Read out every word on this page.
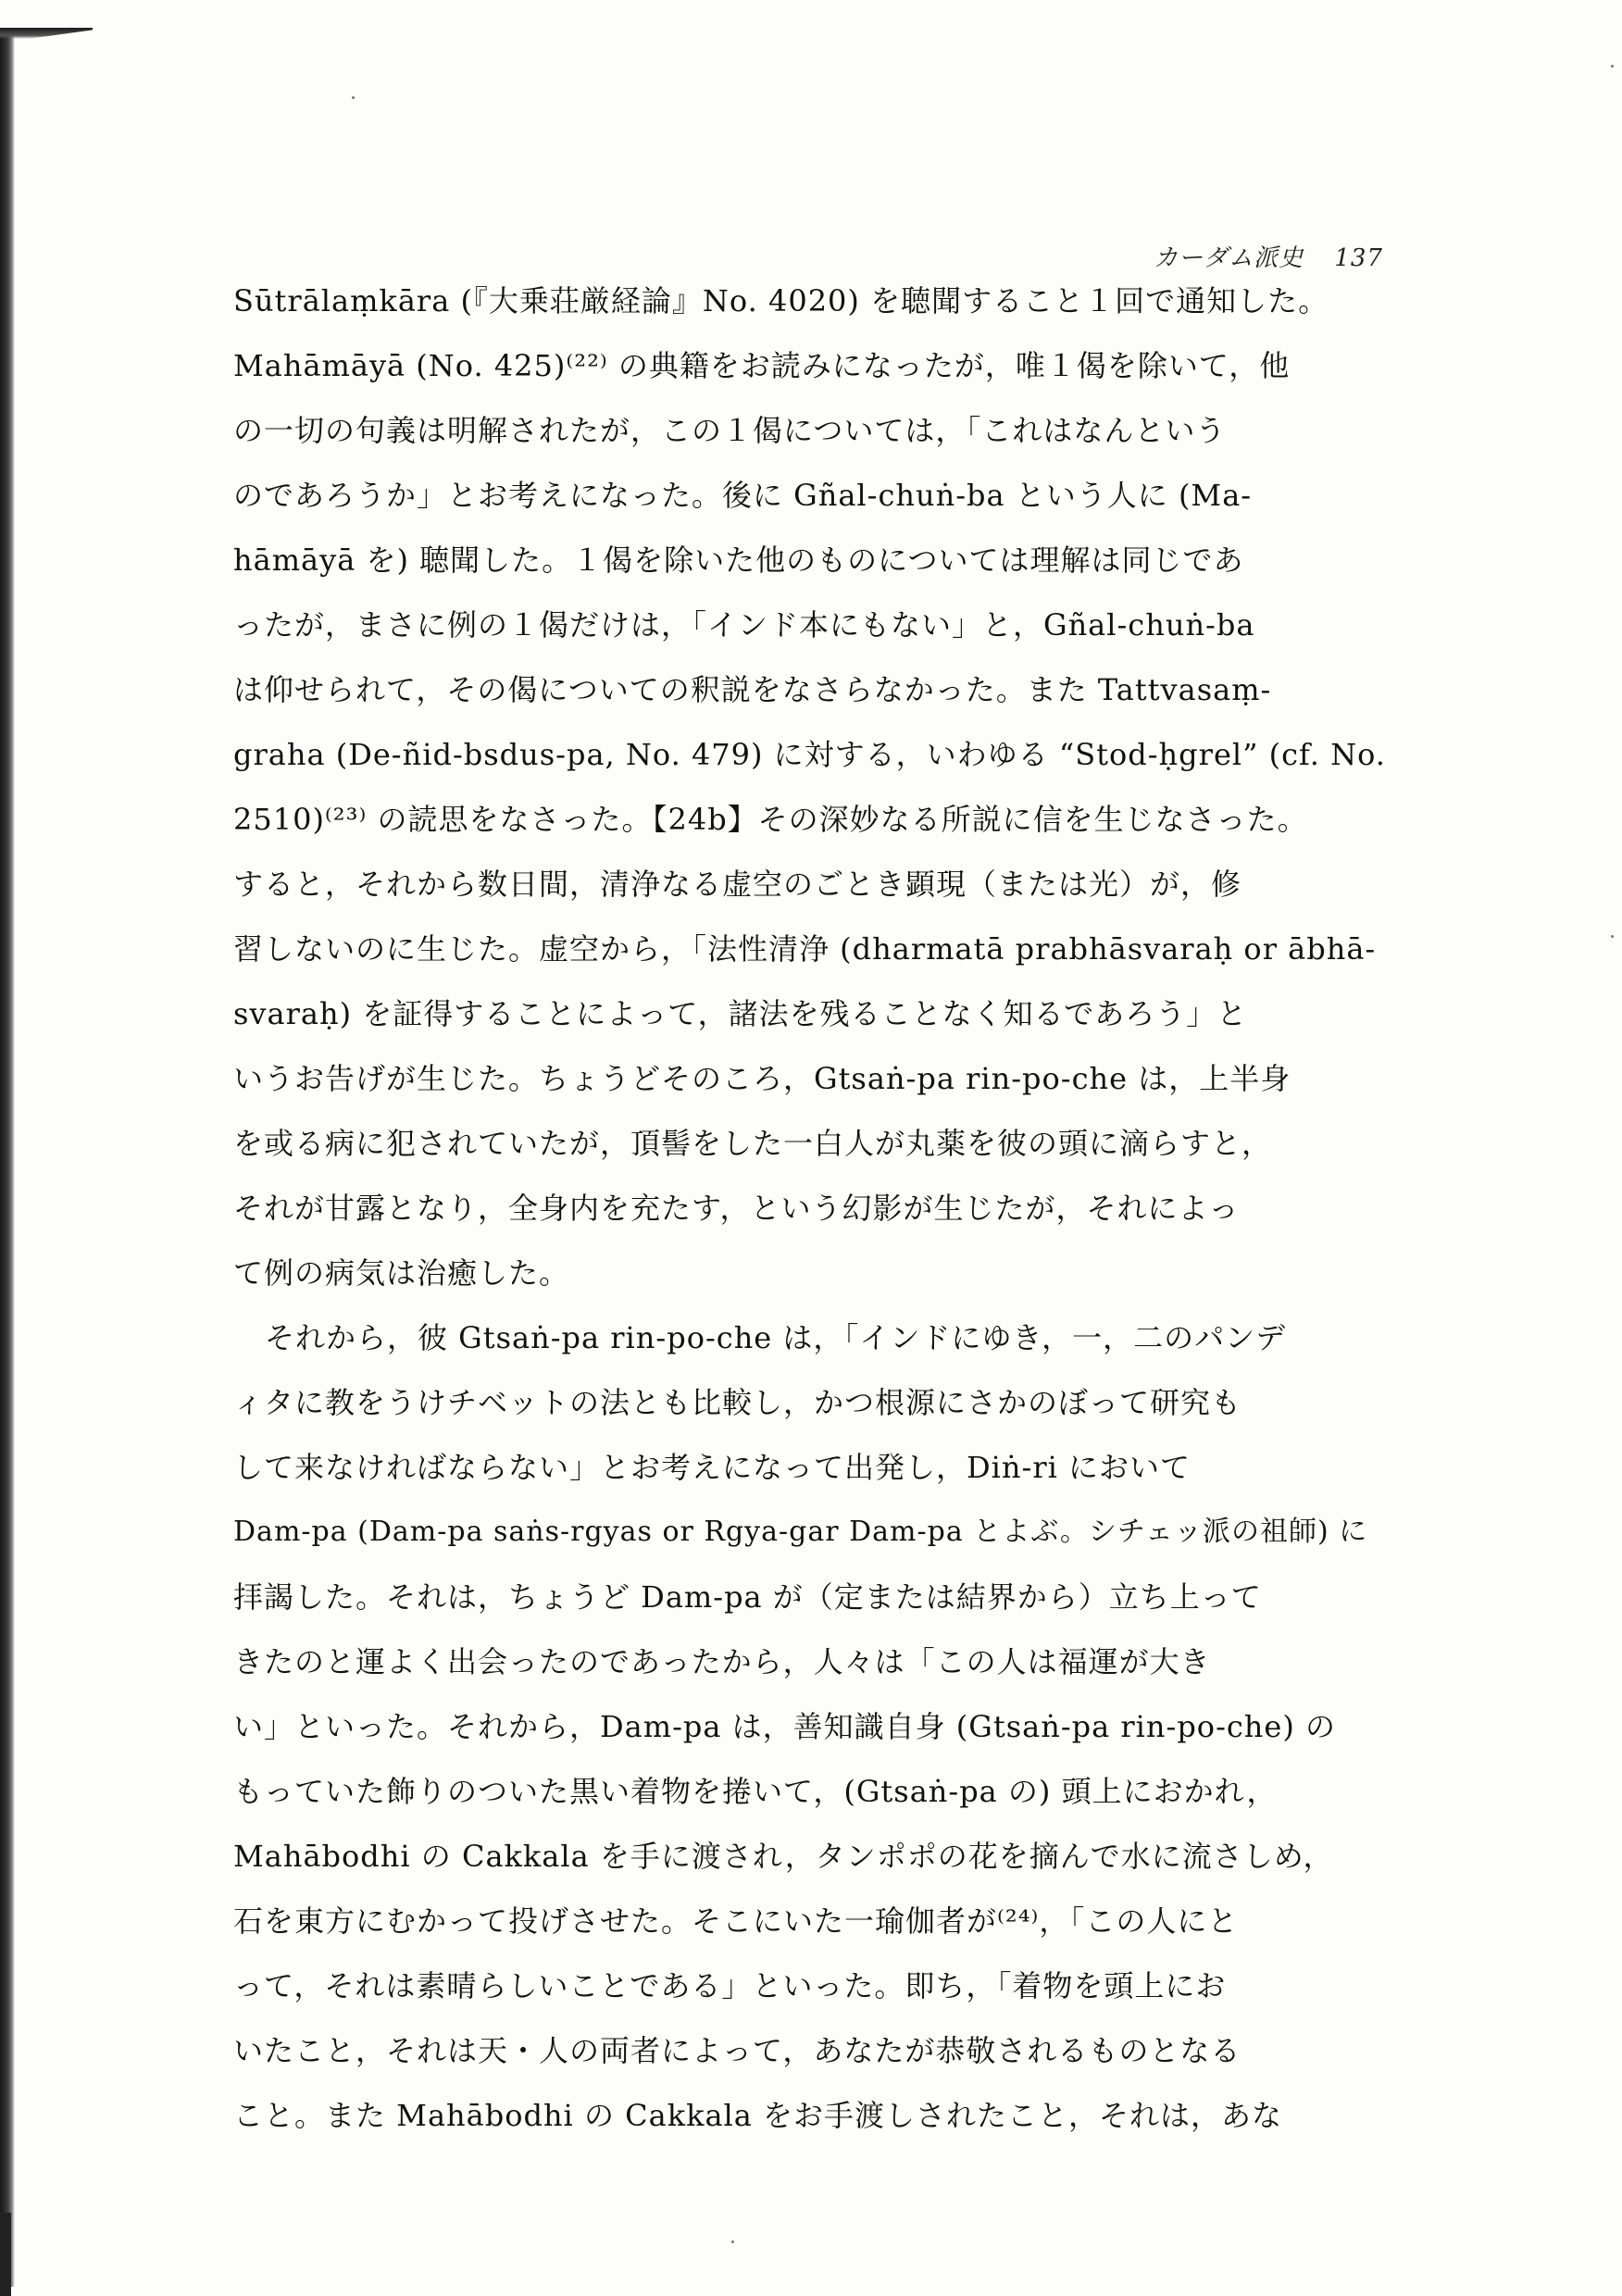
カーダム派史 137
Sūtrālaṃkāra (『大乗荘厳経論』No. 4020) を聴聞すること１回で通知した。
Mahāmāyā (No. 425)⁽²²⁾ の典籍をお読みになったが，唯１偈を除いて，他
の一切の句義は明解されたが，この１偈については，「これはなんという
のであろうか」とお考えになった。後に Gñal-chuṅ-ba という人に (Ma-
hāmāyā を) 聴聞した。１偈を除いた他のものについては理解は同じであ
ったが，まさに例の１偈だけは，「インド本にもない」と，Gñal-chuṅ-ba
は仰せられて，その偈についての釈説をなさらなかった。また Tattvasaṃ-
graha (De-ñid-bsdus-pa, No. 479) に対する，いわゆる “Stod-ḥgrel” (cf. No.
2510)⁽²³⁾ の読思をなさった。【24b】その深妙なる所説に信を生じなさった。
すると，それから数日間，清浄なる虚空のごとき顕現（または光）が，修
習しないのに生じた。虚空から，「法性清浄 (dharmatā prabhāsvaraḥ or ābhā-
svaraḥ) を証得することによって，諸法を残ることなく知るであろう」と
いうお告げが生じた。ちょうどそのころ，Gtsaṅ-pa rin-po-che は，上半身
を或る病に犯されていたが，頂髻をした一白人が丸薬を彼の頭に滴らすと，
それが甘露となり，全身内を充たす，という幻影が生じたが，それによっ
て例の病気は治癒した。
それから，彼 Gtsaṅ-pa rin-po-che は，「インドにゆき，一，二のパンデ
ィタに教をうけチベットの法とも比較し，かつ根源にさかのぼって研究も
して来なければならない」とお考えになって出発し，Diṅ-ri において
Dam-pa (Dam-pa saṅs-rgyas or Rgya-gar Dam-pa とよぶ。シチェッ派の祖師) に
拝謁した。それは，ちょうど Dam-pa が（定または結界から）立ち上って
きたのと運よく出会ったのであったから，人々は「この人は福運が大き
い」といった。それから，Dam-pa は，善知識自身 (Gtsaṅ-pa rin-po-che) の
もっていた飾りのついた黒い着物を捲いて，(Gtsaṅ-pa の) 頭上におかれ，
Mahābodhi の Cakkala を手に渡され，タンポポの花を摘んで水に流さしめ，
石を東方にむかって投げさせた。そこにいた一瑜伽者が⁽²⁴⁾，「この人にと
って，それは素晴らしいことである」といった。即ち，「着物を頭上にお
いたこと，それは天・人の両者によって，あなたが恭敬されるものとなる
こと。また Mahābodhi の Cakkala をお手渡しされたこと，それは，あな
